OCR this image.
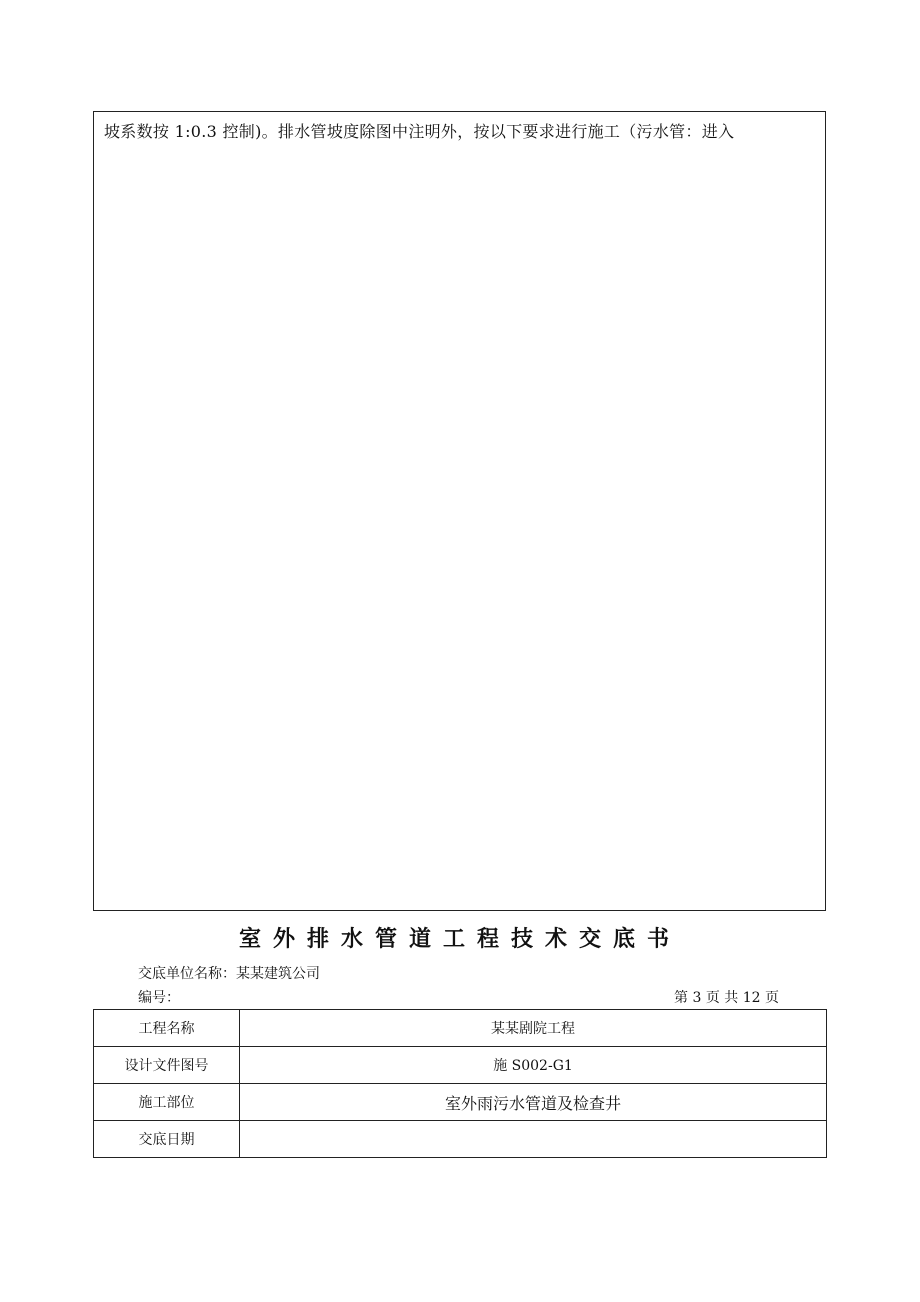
坡系数按 1:0.3 控制)。排水管坡度除图中注明外，按以下要求进行施工（污水管：进入
室外排水管道工程技术交底书
交底单位名称：某某建筑公司
编号：	第 3 页 共 12 页
工程名称	某某剧院工程
设计文件图号	施 S002-G1
施工部位	室外雨污水管道及检查井
交底日期	
